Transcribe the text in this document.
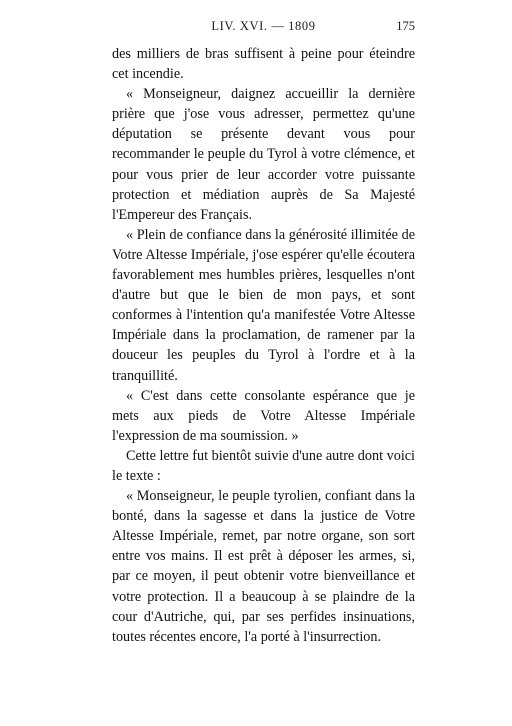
LIV. XVI. — 1809	175

des milliers de bras suffisent à peine pour éteindre cet incendie.

« Monseigneur, daignez accueillir la dernière prière que j'ose vous adresser, permettez qu'une députation se présente devant vous pour recommander le peuple du Tyrol à votre clémence, et pour vous prier de leur accorder votre puissante protection et médiation auprès de Sa Majesté l'Empereur des Français.

« Plein de confiance dans la générosité illimitée de Votre Altesse Impériale, j'ose espérer qu'elle écoutera favorablement mes humbles prières, lesquelles n'ont d'autre but que le bien de mon pays, et sont conformes à l'intention qu'a manifestée Votre Altesse Impériale dans la proclamation, de ramener par la douceur les peuples du Tyrol à l'ordre et à la tranquillité.

« C'est dans cette consolante espérance que je mets aux pieds de Votre Altesse Impériale l'expression de ma soumission. »

Cette lettre fut bientôt suivie d'une autre dont voici le texte :

« Monseigneur, le peuple tyrolien, confiant dans la bonté, dans la sagesse et dans la justice de Votre Altesse Impériale, remet, par notre organe, son sort entre vos mains. Il est prêt à déposer les armes, si, par ce moyen, il peut obtenir votre bienveillance et votre protection. Il a beaucoup à se plaindre de la cour d'Autriche, qui, par ses perfides insinuations, toutes récentes encore, l'a porté à l'insurrection.
